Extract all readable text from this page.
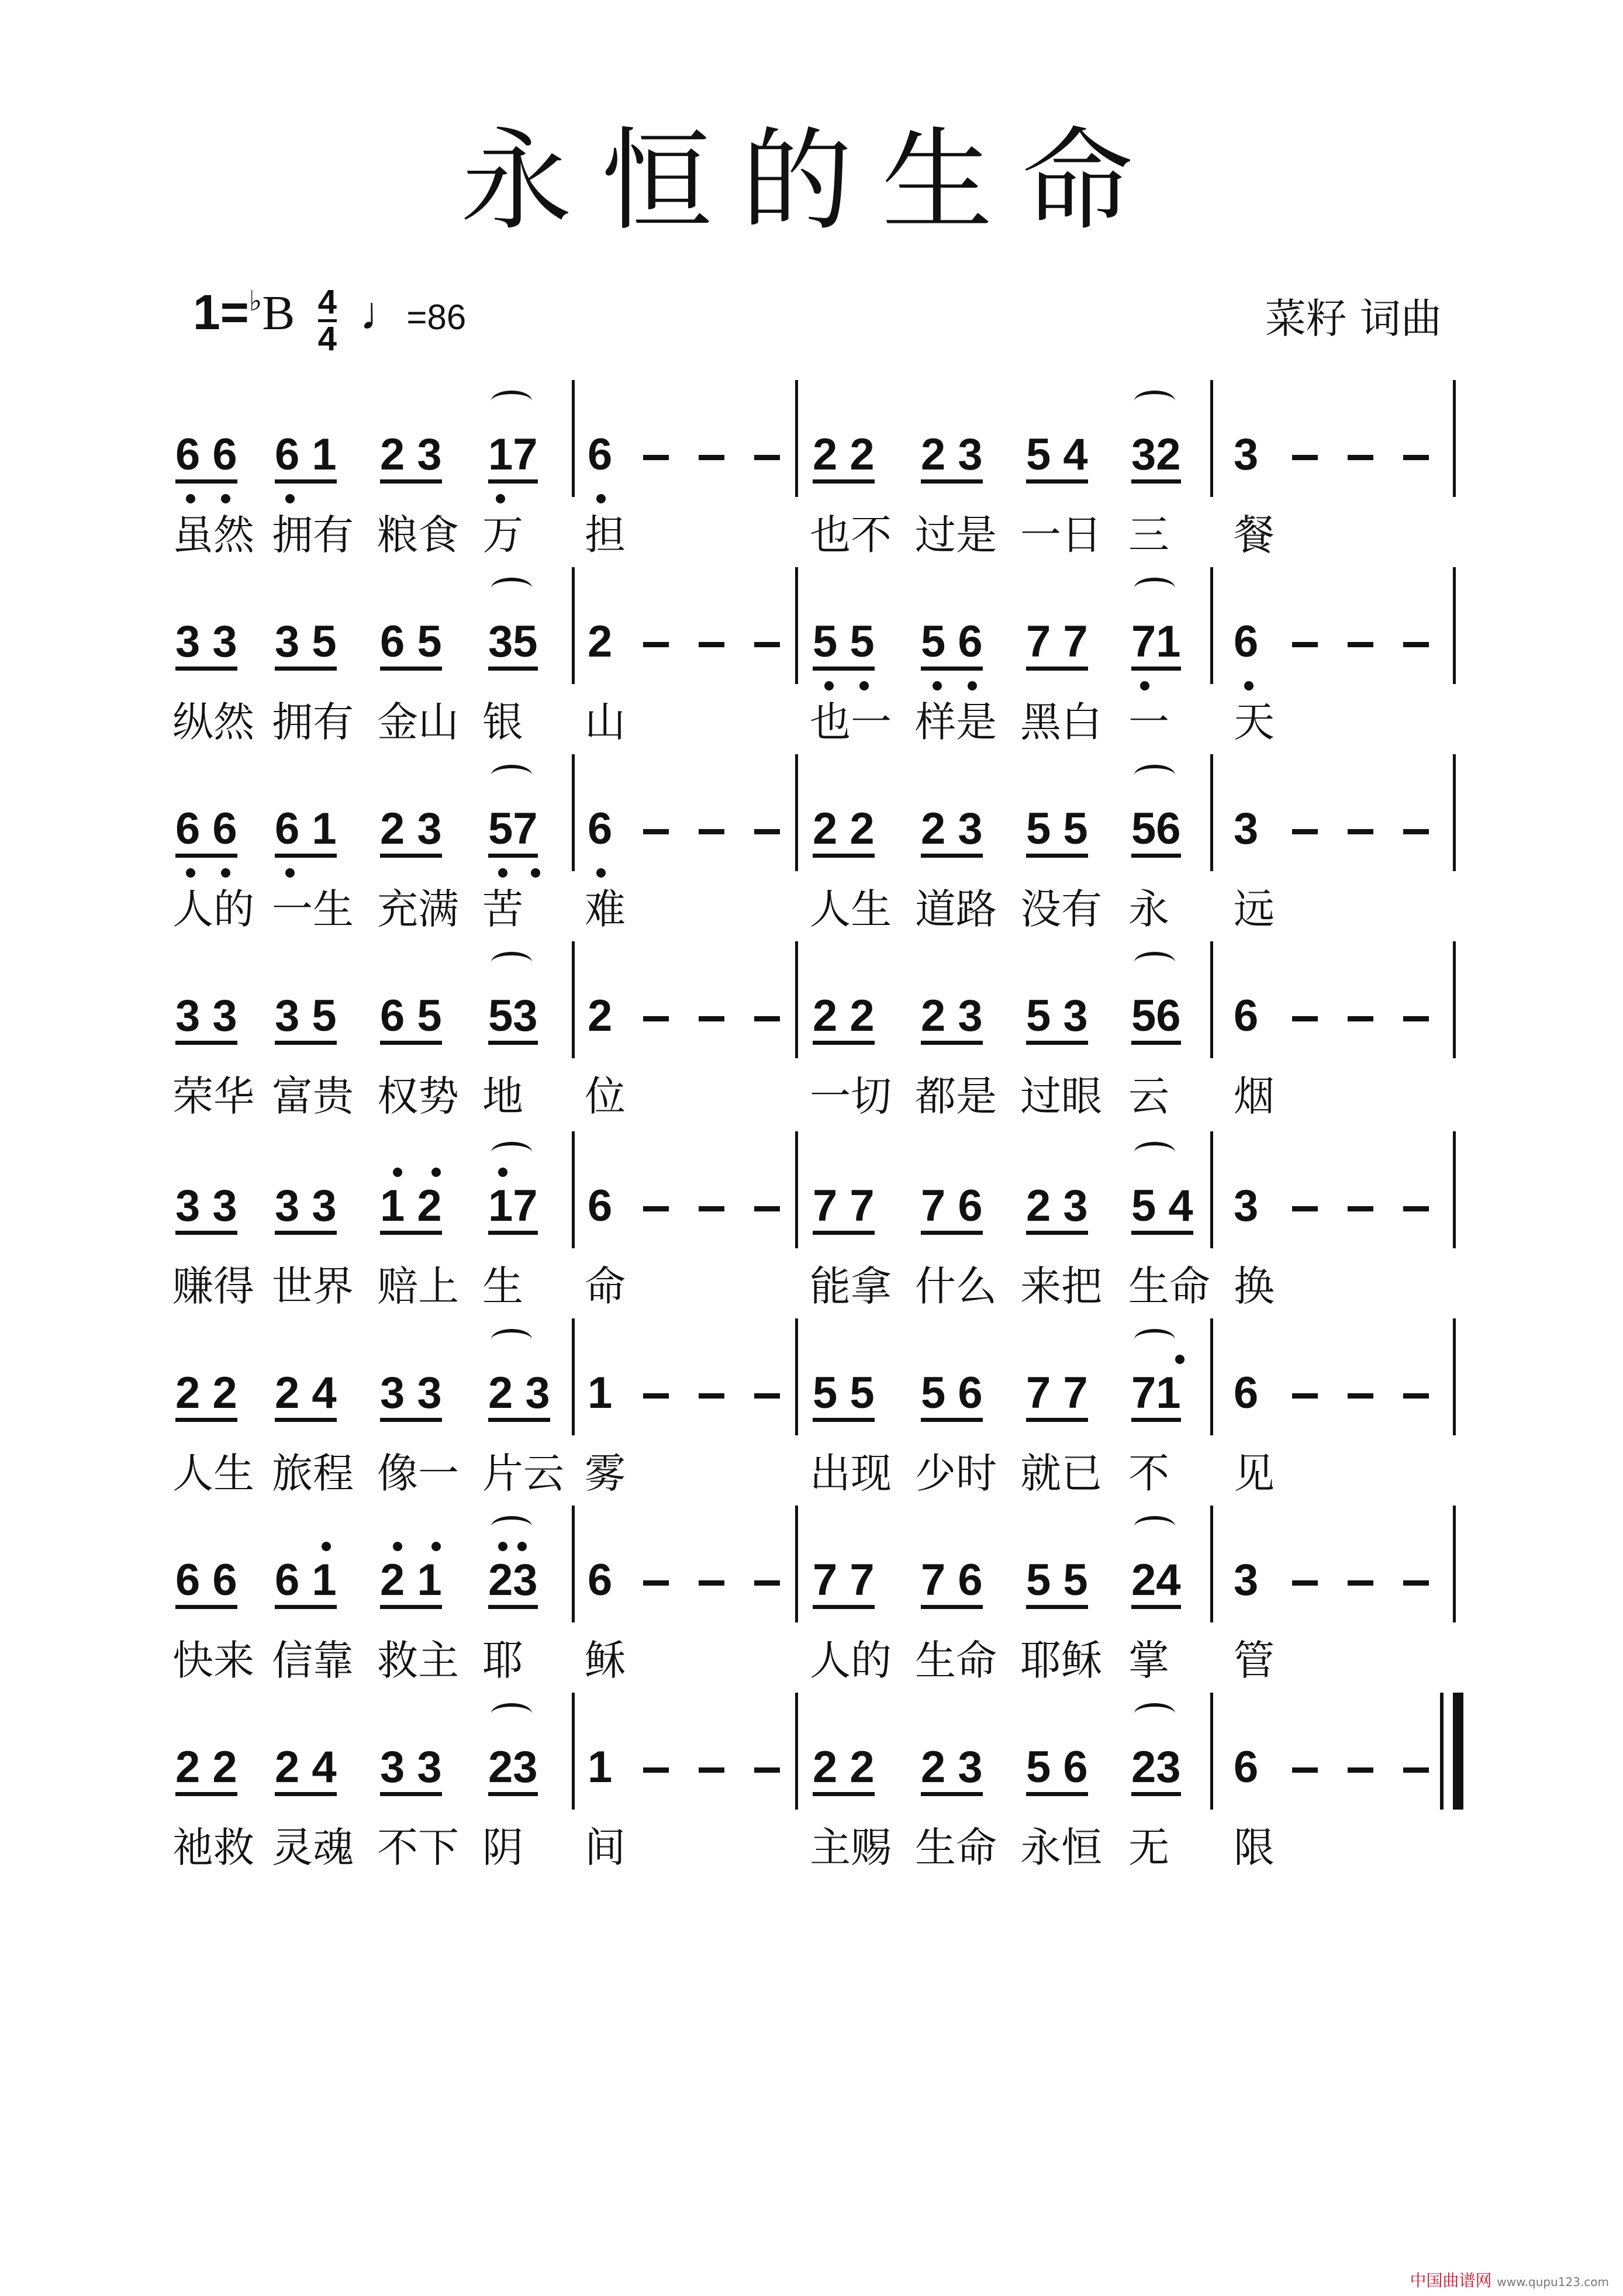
永恒的生命
$1=^♭B \frac{4}{4}$ ♩=86	菜籽 词曲
6 6 6 1 2 3 17 6	2 2 2 3 5 4 32 3
虽然 拥有 粮食 万 担	也不 过是 一日 三 餐
3 3 3 5 6 5 35 2	5 5 5 6 7 7 71 6
纵然 拥有 金山 银 山	也一 样是 黑白 一 天
6 6 6 1 2 3 57 6	2 2 2 3 5 5 56 3
人的 一生 充满 苦 难	人生 道路 没有 永 远
3 3 3 5 6 5 53 2	2 2 2 3 5 3 56 6
荣华 富贵 权势 地 位	一切 都是 过眼 云 烟
3 3 3 3 1 2 17 6	7 7 7 6 2 3 5 4 3
赚得 世界 赔上 生 命	能拿 什么 来把 生命 换
2 2 2 4 3 3 2 3 1	5 5 5 6 7 7 71 6
人生 旅程 像一 片云 雾	出现 少时 就已 不 见
6 6 6 1 2 1 23 6	7 7 7 6 5 5 24 3
快来 信靠 救主 耶 稣	人的 生命 耶稣 掌 管
2 2 2 4 3 3 23 1	2 2 2 3 5 6 23 6
祂救 灵魂 不下 阴 间	主赐 生命 永恒 无 限
中国曲谱网 www.qupu123.com
